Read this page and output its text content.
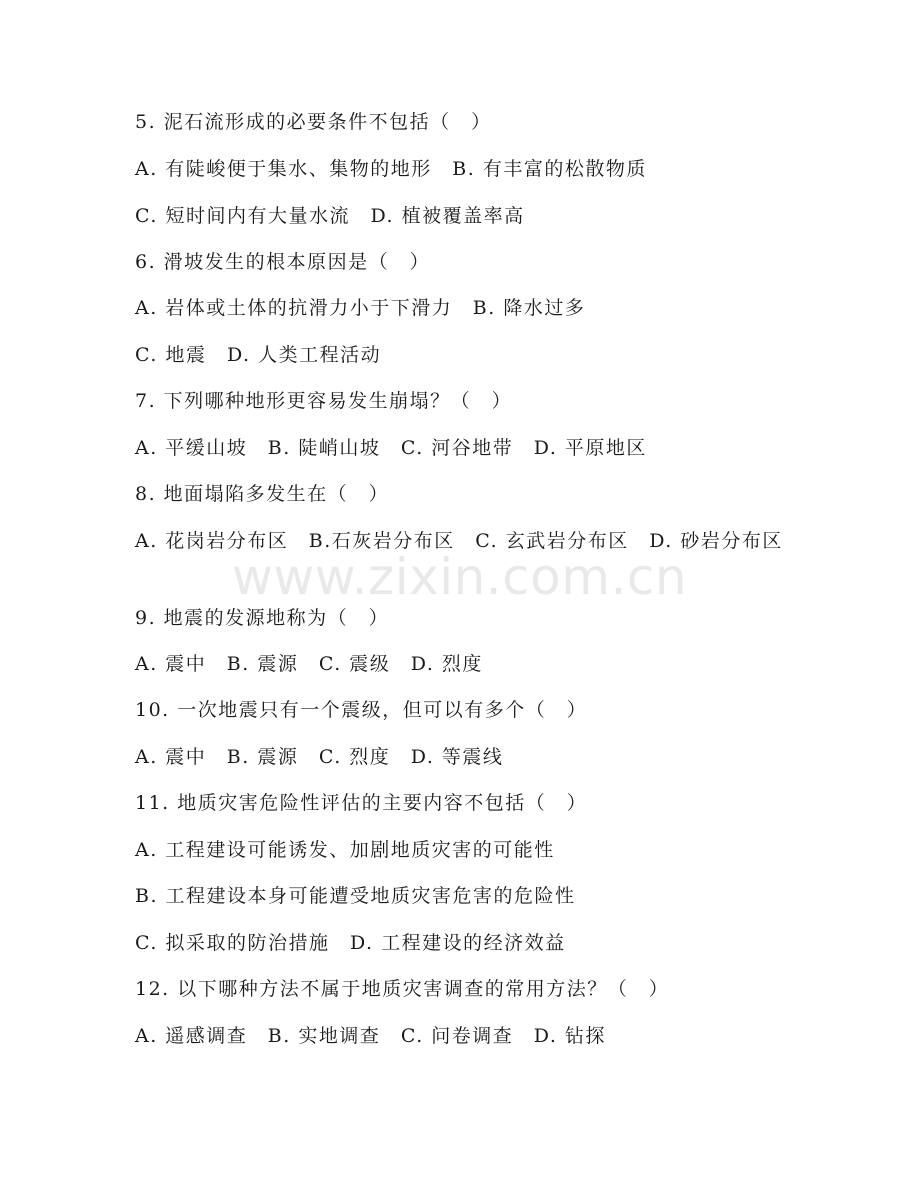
www.zixin.com.cn
5. 泥石流形成的必要条件不包括（　）
A. 有陡峻便于集水、集物的地形　B. 有丰富的松散物质
C. 短时间内有大量水流　D. 植被覆盖率高
6. 滑坡发生的根本原因是（　）
A. 岩体或土体的抗滑力小于下滑力　B. 降水过多
C. 地震　D. 人类工程活动
7. 下列哪种地形更容易发生崩塌？（　）
A. 平缓山坡　B. 陡峭山坡　C. 河谷地带　D. 平原地区
8. 地面塌陷多发生在（　）
A. 花岗岩分布区　B.石灰岩分布区　C. 玄武岩分布区　D. 砂岩分布区
9. 地震的发源地称为（　）
A. 震中　B. 震源　C. 震级　D. 烈度
10. 一次地震只有一个震级，但可以有多个（　）
A. 震中　B. 震源　C. 烈度　D. 等震线
11. 地质灾害危险性评估的主要内容不包括（　）
A. 工程建设可能诱发、加剧地质灾害的可能性
B. 工程建设本身可能遭受地质灾害危害的危险性
C. 拟采取的防治措施　D. 工程建设的经济效益
12. 以下哪种方法不属于地质灾害调查的常用方法？（　）
A. 遥感调查　B. 实地调查　C. 问卷调查　D. 钻探
